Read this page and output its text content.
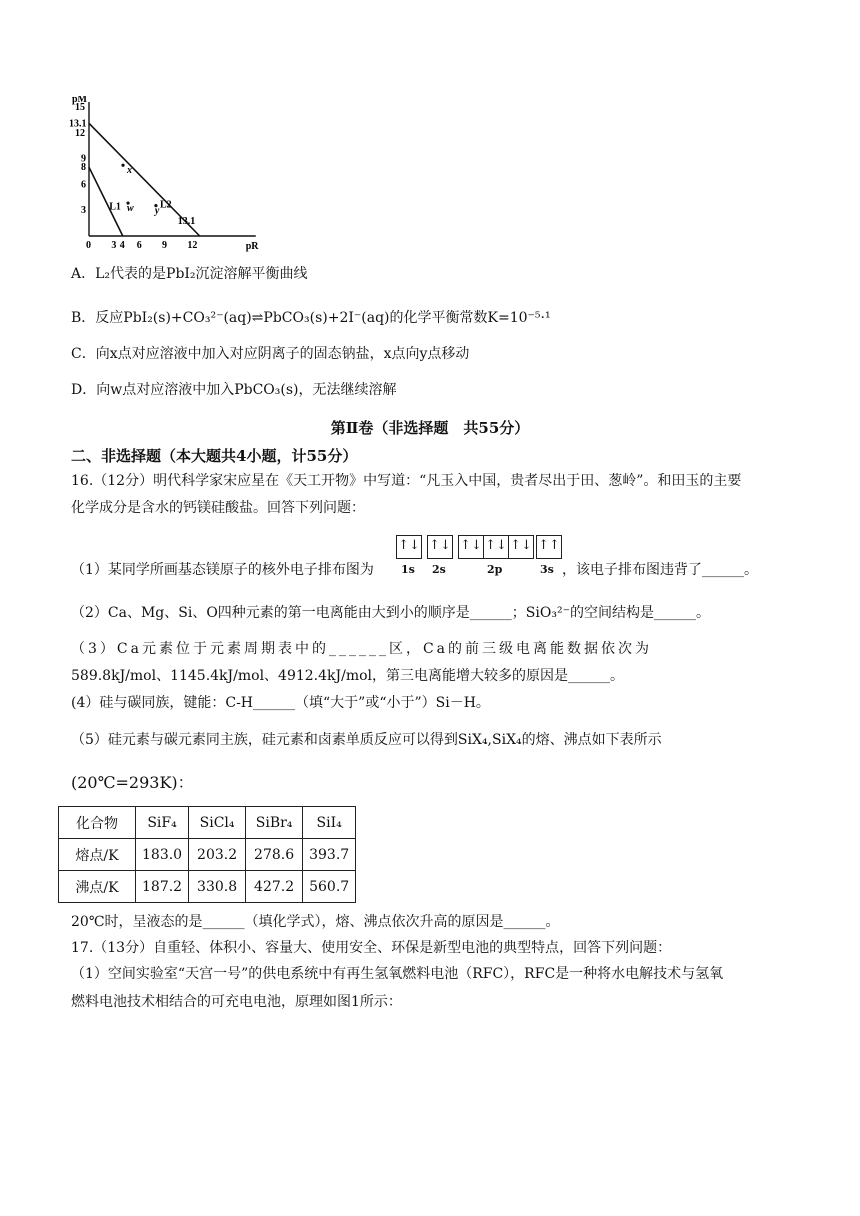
pR
pM
0 3 4 6 9 12
3
6
8
9
12
13.1
15
x
w y
L1	L2
13.1
A．L₂代表的是PbI₂沉淀溶解平衡曲线
B．反应PbI₂(s)+CO₃²⁻(aq)⇌PbCO₃(s)+2I⁻(aq)的化学平衡常数K=10⁻⁵·¹
C．向x点对应溶液中加入对应阴离子的固态钠盐，x点向y点移动
D．向w点对应溶液中加入PbCO₃(s)，无法继续溶解
第Ⅱ卷（非选择题　共55分）
二、非选择题（本大题共4小题，计55分）
16.（12分）明代科学家宋应星在《天工开物》中写道：“凡玉入中国，贵者尽出于田、葱岭”。和田玉的主要
化学成分是含水的钙镁硅酸盐。回答下列问题：
（1）某同学所画基态镁原子的核外电子排布图为
↑↓ ↑↓ ↑↓ ↑↓ ↑↓ ↑↑
1s 2s	2p	3s ，该电子排布图违背了______。
（2）Ca、Mg、Si、O四种元素的第一电离能由大到小的顺序是______；SiO₃²⁻的空间结构是______。
（3）Ca元素位于元素周期表中的______区，Ca的前三级电离能数据依次为
589.8kJ/mol、1145.4kJ/mol、4912.4kJ/mol，第三电离能增大较多的原因是______。
(4）硅与碳同族，键能：C-H______（填“大于”或“小于”）Si－H。
（5）硅元素与碳元素同主族，硅元素和卤素单质反应可以得到SiX₄,SiX₄的熔、沸点如下表所示
(20℃=293K)：
化合物	SiF₄	SiCl₄	SiBr₄	SiI₄
熔点/K	183.0	203.2	278.6	393.7
沸点/K	187.2	330.8	427.2	560.7
20℃时，呈液态的是______（填化学式），熔、沸点依次升高的原因是______。
17.（13分）自重轻、体积小、容量大、使用安全、环保是新型电池的典型特点，回答下列问题：
（1）空间实验室“天宫一号”的供电系统中有再生氢氧燃料电池（RFC），RFC是一种将水电解技术与氢氧
燃料电池技术相结合的可充电电池，原理如图1所示：
